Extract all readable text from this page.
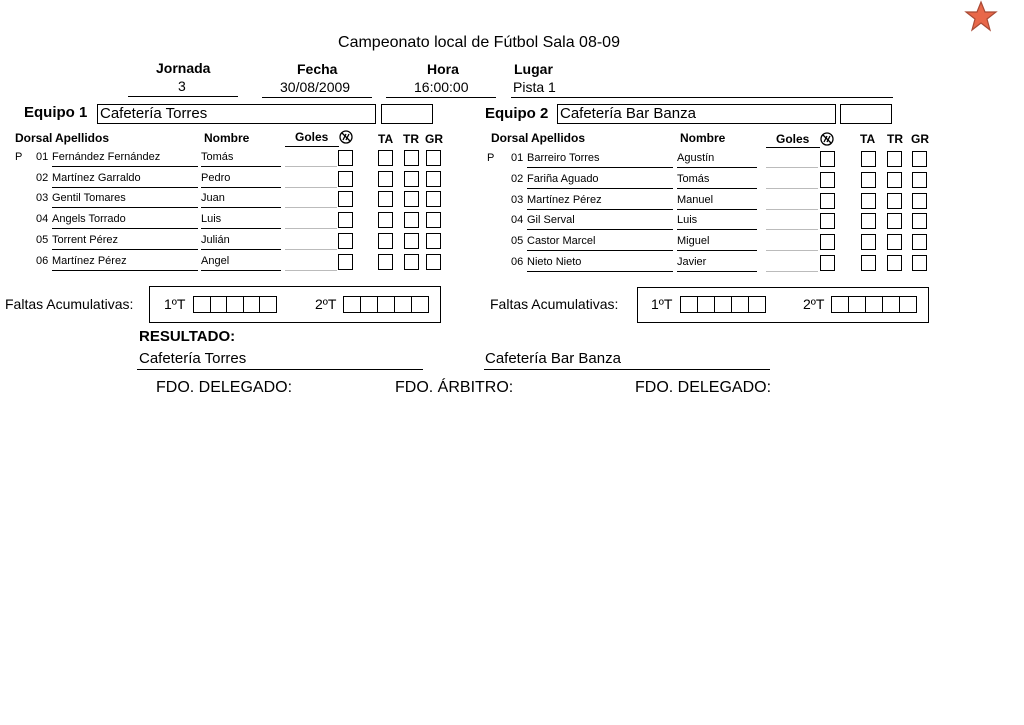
Campeonato local de Fútbol Sala 08-09
Jornada
3
Fecha
30/08/2009
Hora
16:00:00
Lugar
Pista 1
Equipo 1 Cafetería Torres	Equipo 2 Cafetería Bar Banza
Dorsal Apellidos	Nombre	Goles	TA TR GR	Dorsal Apellidos	Nombre	Goles	TA TR GR
P 01 Fernández Fernández	Tomás
02 Martínez Garraldo	Pedro
03 Gentil Tomares	Juan
04 Angels Torrado	Luis
05 Torrent Pérez	Julián
06 Martínez Pérez	Angel
P 01 Barreiro Torres	Agustín
02 Fariña Aguado	Tomás
03 Martínez Pérez	Manuel
04 Gil Serval	Luis
05 Castor Marcel	Miguel
06 Nieto Nieto	Javier
Faltas Acumulativas: 1ºT	2ºT	Faltas Acumulativas: 1ºT	2ºT
RESULTADO:
Cafetería Torres	Cafetería Bar Banza
FDO. DELEGADO:	FDO. ÁRBITRO:	FDO. DELEGADO:
